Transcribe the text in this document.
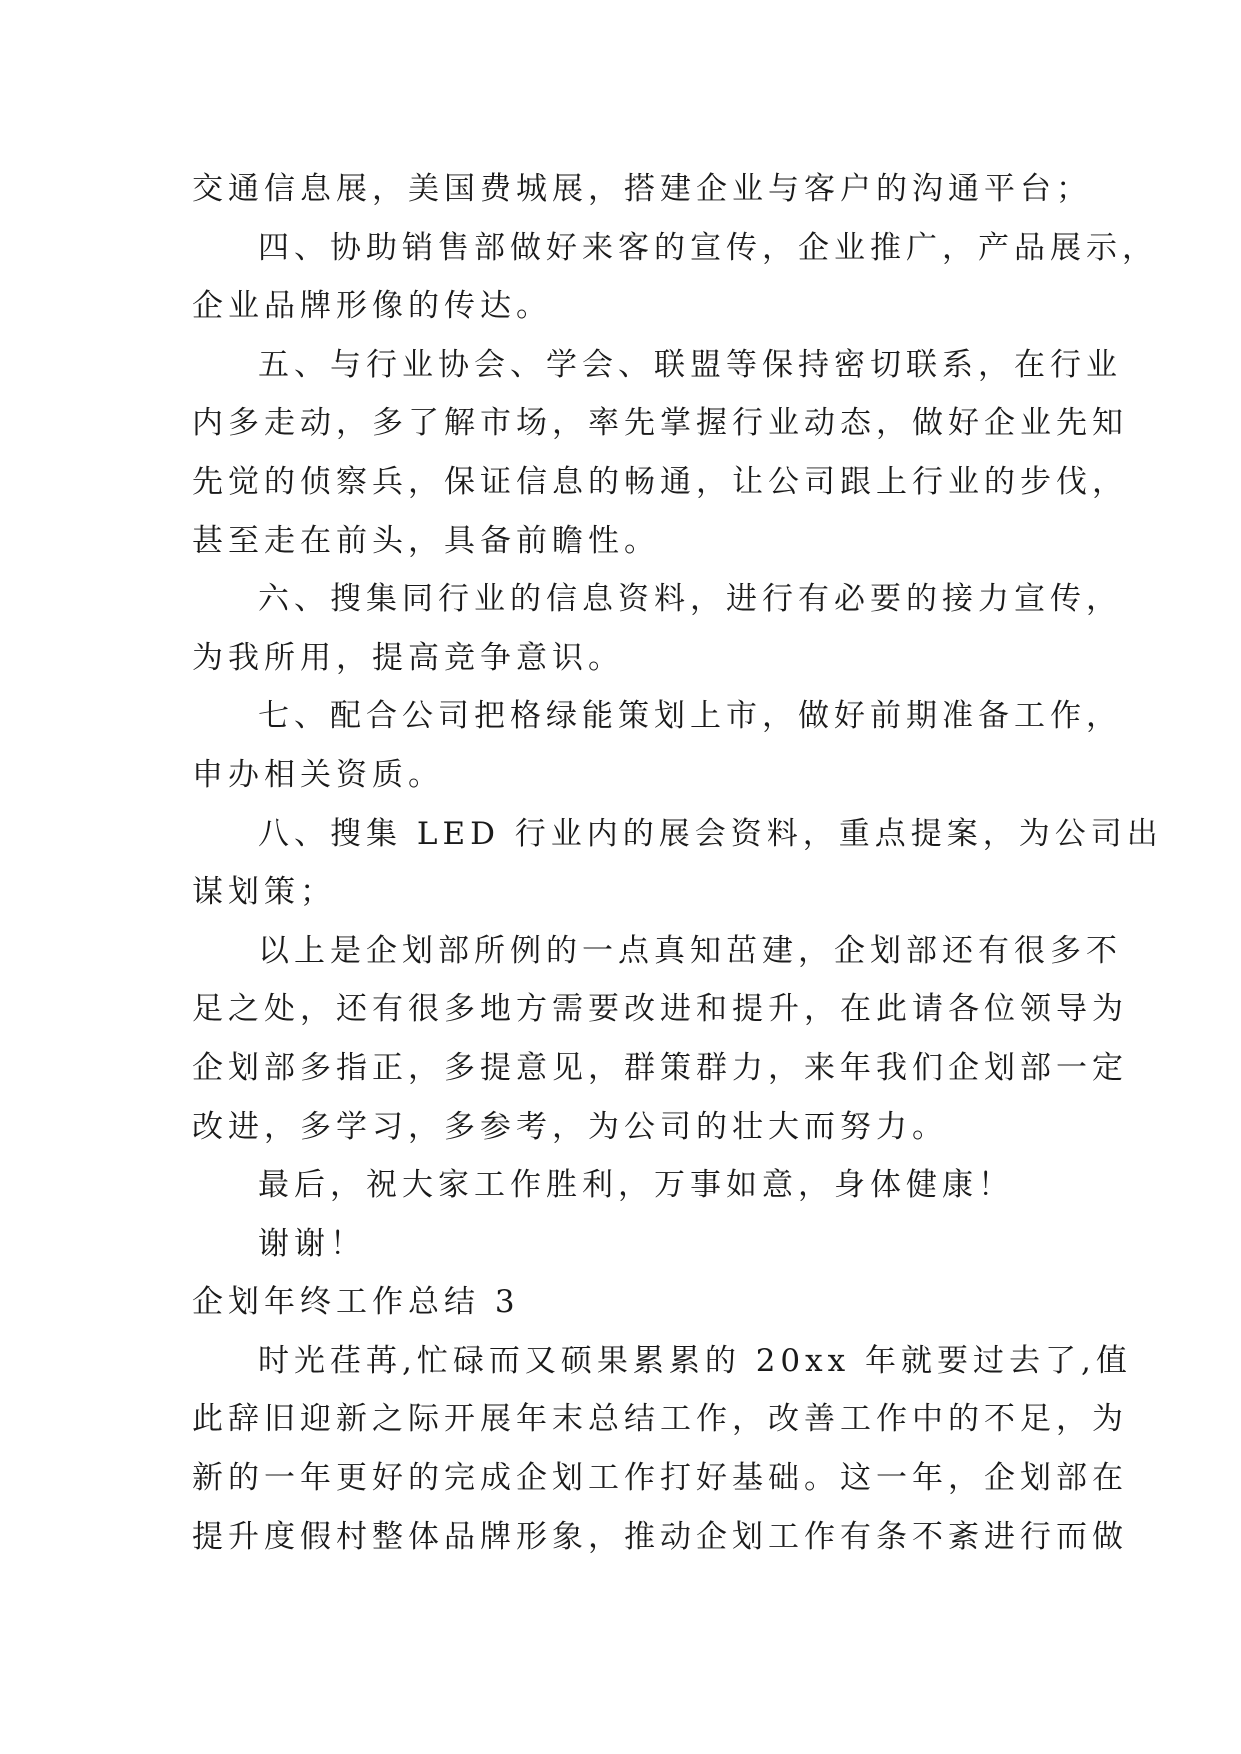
交通信息展，美国费城展，搭建企业与客户的沟通平台；
四、协助销售部做好来客的宣传，企业推广，产品展示，
企业品牌形像的传达。
五、与行业协会、学会、联盟等保持密切联系，在行业
内多走动，多了解市场，率先掌握行业动态，做好企业先知
先觉的侦察兵，保证信息的畅通，让公司跟上行业的步伐，
甚至走在前头，具备前瞻性。
六、搜集同行业的信息资料，进行有必要的接力宣传，
为我所用，提高竞争意识。
七、配合公司把格绿能策划上市，做好前期准备工作，
申办相关资质。
八、搜集 LED 行业内的展会资料，重点提案，为公司出
谋划策；
以上是企划部所例的一点真知茁建，企划部还有很多不
足之处，还有很多地方需要改进和提升，在此请各位领导为
企划部多指正，多提意见，群策群力，来年我们企划部一定
改进，多学习，多参考，为公司的壮大而努力。
最后，祝大家工作胜利，万事如意，身体健康！
谢谢！
企划年终工作总结 3
时光荏苒,忙碌而又硕果累累的 20xx 年就要过去了,值
此辞旧迎新之际开展年末总结工作，改善工作中的不足，为
新的一年更好的完成企划工作打好基础。这一年，企划部在
提升度假村整体品牌形象，推动企划工作有条不紊进行而做
